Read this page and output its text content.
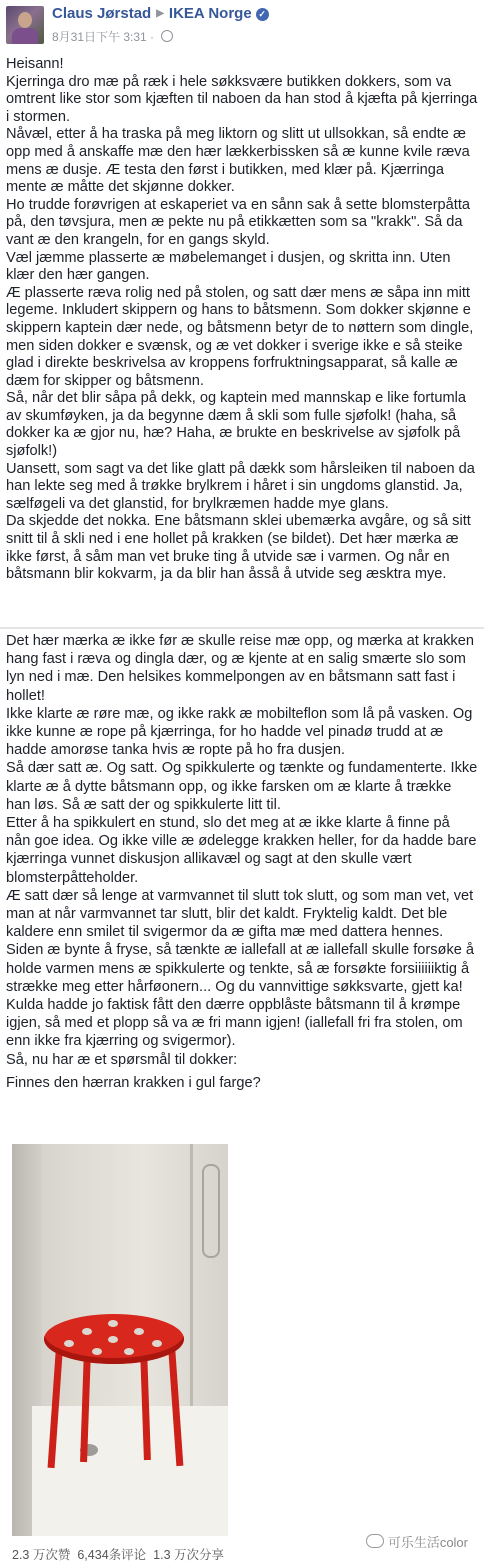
Claus Jørstad ▶ IKEA Norge ✓
8月31日下午 3:31 ·

Heisann!

Kjerringa dro mæ på ræk i hele søkksvære butikken dokkers, som va omtrent like stor som kjæften til naboen da han stod å kjæfta på kjerringa i stormen.

Nåvæl, etter å ha traska på meg liktorn og slitt ut ullsokkan, så endte æ opp med å anskaffe mæ den hær lækkerbissken så æ kunne kvile ræva mens æ dusje. Æ testa den først i butikken, med klær på. Kjærringa mente æ måtte det skjønne dokker.

Ho trudde forøvrigen at eskaperiet va en sånn sak å sette blomsterpåtta på, den tøvsjura, men æ pekte nu på etikkætten som sa "krakk". Så da vant æ den krangeln, for en gangs skyld.

Væl jæmme plasserte æ møbelemanget i dusjen, og skritta inn. Uten klær den hær gangen.

Æ plasserte ræva rolig ned på stolen, og satt dær mens æ såpa inn mitt legeme. Inkludert skippern og hans to båtsmenn. Som dokker skjønne e skippern kaptein dær nede, og båtsmenn betyr de to nøttern som dingle, men siden dokker e svænsk, og æ vet dokker i sverige ikke e så steike glad i direkte beskrivelsa av kroppens forfruktningsapparat, så kalle æ dæm for skipper og båtsmenn.

Så, når det blir såpa på dekk, og kaptein med mannskap e like fortumla av skumføyken, ja da begynne dæm å skli som fulle sjøfolk! (haha, så dokker ka æ gjor nu, hæ? Haha, æ brukte en beskrivelse av sjøfolk på sjøfolk!)

Uansett, som sagt va det like glatt på dækk som hårsleiken til naboen da han lekte seg med å trøkke brylkrem i håret i sin ungdoms glanstid. Ja, sælføgeli va det glanstid, for brylkræmen hadde mye glans.

Da skjedde det nokka. Ene båtsmann sklei ubemærka avgåre, og så sitt snitt til å skli ned i ene hollet på krakken (se bildet). Det hær mærka æ ikke først, å såm man vet bruke ting å utvide sæ i varmen. Og når en båtsmann blir kokvarm, ja da blir han åsså å utvide seg æsktra mye.

Det hær mærka æ ikke før æ skulle reise mæ opp, og mærka at krakken hang fast i ræva og dingla dær, og æ kjente at en salig smærte slo som lyn ned i mæ. Den helsikes kommelpongen av en båtsmann satt fast i hollet!

Ikke klarte æ røre mæ, og ikke rakk æ mobilteflon som lå på vasken. Og ikke kunne æ rope på kjærringa, for ho hadde vel pinadø trudd at æ hadde amorøse tanka hvis æ ropte på ho fra dusjen.

Så dær satt æ. Og satt. Og spikkulerte og tænkte og fundamenterte. Ikke klarte æ å dytte båtsmann opp, og ikke farsken om æ klarte å trække han løs. Så æ satt der og spikkulerte litt til.

Etter å ha spikkulert en stund, slo det meg at æ ikke klarte å finne på nån goe idea. Og ikke ville æ ødelegge krakken heller, for da hadde bare kjærringa vunnet diskusjon allikavæl og sagt at den skulle vært blomsterpåtteholder.

Æ satt dær så lenge at varmvannet til slutt tok slutt, og som man vet, vet man at når varmvannet tar slutt, blir det kaldt. Fryktelig kaldt. Det ble kaldere enn smilet til svigermor da æ gifta mæ med dattera hennes.

Siden æ bynte å fryse, så tænkte æ iallefall at æ iallefall skulle forsøke å holde varmen mens æ spikkulerte og tenkte, så æ forsøkte forsiiiiiiktig å strække meg etter hårføonern... Og du vannvittige søkksvarte, gjett ka!

Kulda hadde jo faktisk fått den dærre oppblåste båtsmann til å krømpe igjen, så med et plopp så va æ fri mann igjen! (iallefall fri fra stolen, om enn ikke fra kjærring og svigermor).

Så, nu har æ et spørsmål til dokker:

Finnes den hærran krakken i gul farge?

2.3 万次赞 6,434条评论 1.3 万次分享
可乐生活color
